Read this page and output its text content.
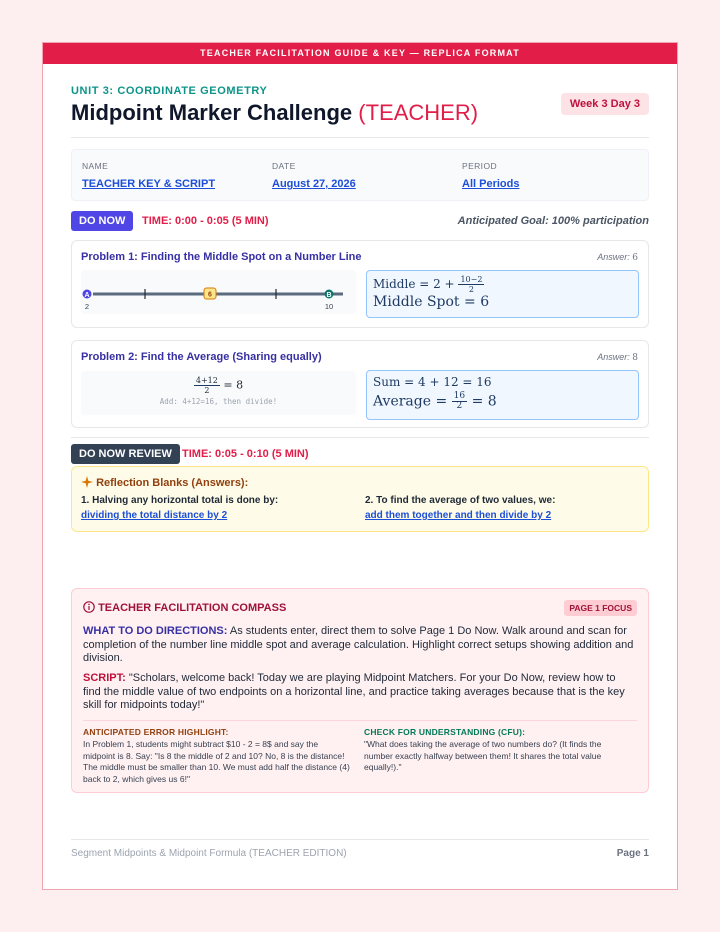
TEACHER FACILITATION GUIDE & KEY — REPLICA FORMAT
UNIT 3: COORDINATE GEOMETRY
Midpoint Marker Challenge (TEACHER)	Week 3 Day 3
NAME
TEACHER KEY & SCRIPT
DATE
August 27, 2026
PERIOD
All Periods
DO NOW	TIME: 0:00 - 0:05 (5 MIN)	Anticipated Goal: 100% participation
Problem 1: Finding the Middle Spot on a Number Line	Answer: 6
A	B
6
2	10
Middle = $2 + \frac{10-2}{2}$
Middle Spot = 6
Problem 2: Find the Average (Sharing equally)	Answer: 8
$\frac{4+12}{2} = 8$
Add: 4+12=16, then divide!
Sum = 4 + 12 = 16
Average = $\frac{16}{2} = 8$
DO NOW REVIEW TIME: 0:05 - 0:10 (5 MIN)
Reflection Blanks (Answers):
1. Halving any horizontal total is done by:
dividing the total distance by 2
2. To find the average of two values, we:
add them together and then divide by 2
TEACHER FACILITATION COMPASS	PAGE 1 FOCUS
WHAT TO DO DIRECTIONS: As students enter, direct them to solve Page 1 Do Now. Walk around and scan for completion of the number line middle spot and average calculation. Highlight correct setups showing addition and division.
SCRIPT: "Scholars, welcome back! Today we are playing Midpoint Matchers. For your Do Now, review how to find the middle value of two endpoints on a horizontal line, and practice taking averages because that is the key skill for midpoints today!"
ANTICIPATED ERROR HIGHLIGHT:
In Problem 1, students might subtract $10 - 2 = 8$ and say the midpoint is 8. Say: "Is 8 the middle of 2 and 10? No, 8 is the distance! The middle must be smaller than 10. We must add half the distance (4) back to 2, which gives us 6!"
CHECK FOR UNDERSTANDING (CFU):
"What does taking the average of two numbers do? (It finds the number exactly halfway between them! It shares the total value equally!)."
Segment Midpoints & Midpoint Formula (TEACHER EDITION)	Page 1
